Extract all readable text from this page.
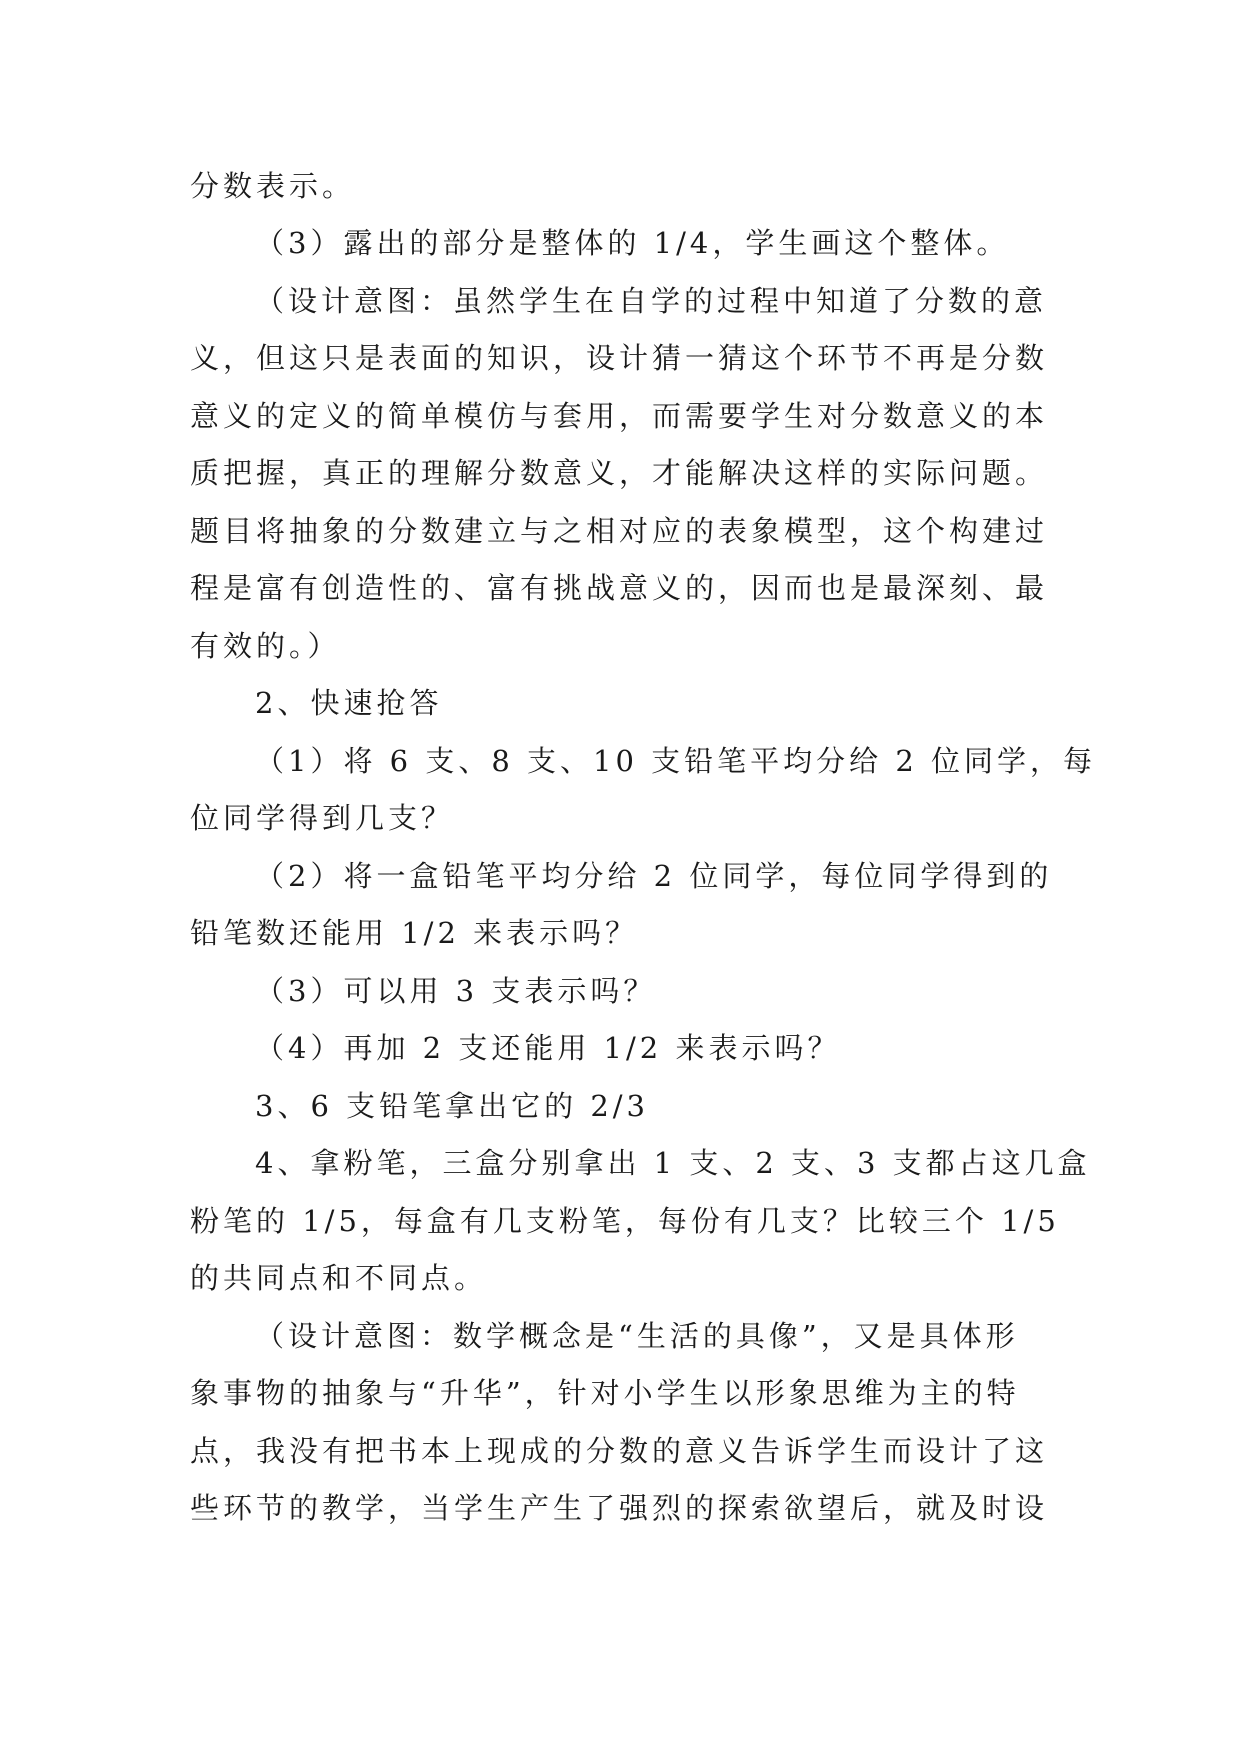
分数表示。
（3）露出的部分是整体的 1/4，学生画这个整体。
（设计意图：虽然学生在自学的过程中知道了分数的意
义，但这只是表面的知识，设计猜一猜这个环节不再是分数
意义的定义的简单模仿与套用，而需要学生对分数意义的本
质把握，真正的理解分数意义，才能解决这样的实际问题。
题目将抽象的分数建立与之相对应的表象模型，这个构建过
程是富有创造性的、富有挑战意义的，因而也是最深刻、最
有效的。）
2、快速抢答
（1）将 6 支、8 支、10 支铅笔平均分给 2 位同学，每
位同学得到几支？
（2）将一盒铅笔平均分给 2 位同学，每位同学得到的
铅笔数还能用 1/2 来表示吗？
（3）可以用 3 支表示吗？
（4）再加 2 支还能用 1/2 来表示吗？
3、6 支铅笔拿出它的 2/3
4、拿粉笔，三盒分别拿出 1 支、2 支、3 支都占这几盒
粉笔的 1/5，每盒有几支粉笔，每份有几支？比较三个 1/5
的共同点和不同点。
（设计意图：数学概念是“生活的具像”，又是具体形
象事物的抽象与“升华”，针对小学生以形象思维为主的特
点，我没有把书本上现成的分数的意义告诉学生而设计了这
些环节的教学，当学生产生了强烈的探索欲望后，就及时设
